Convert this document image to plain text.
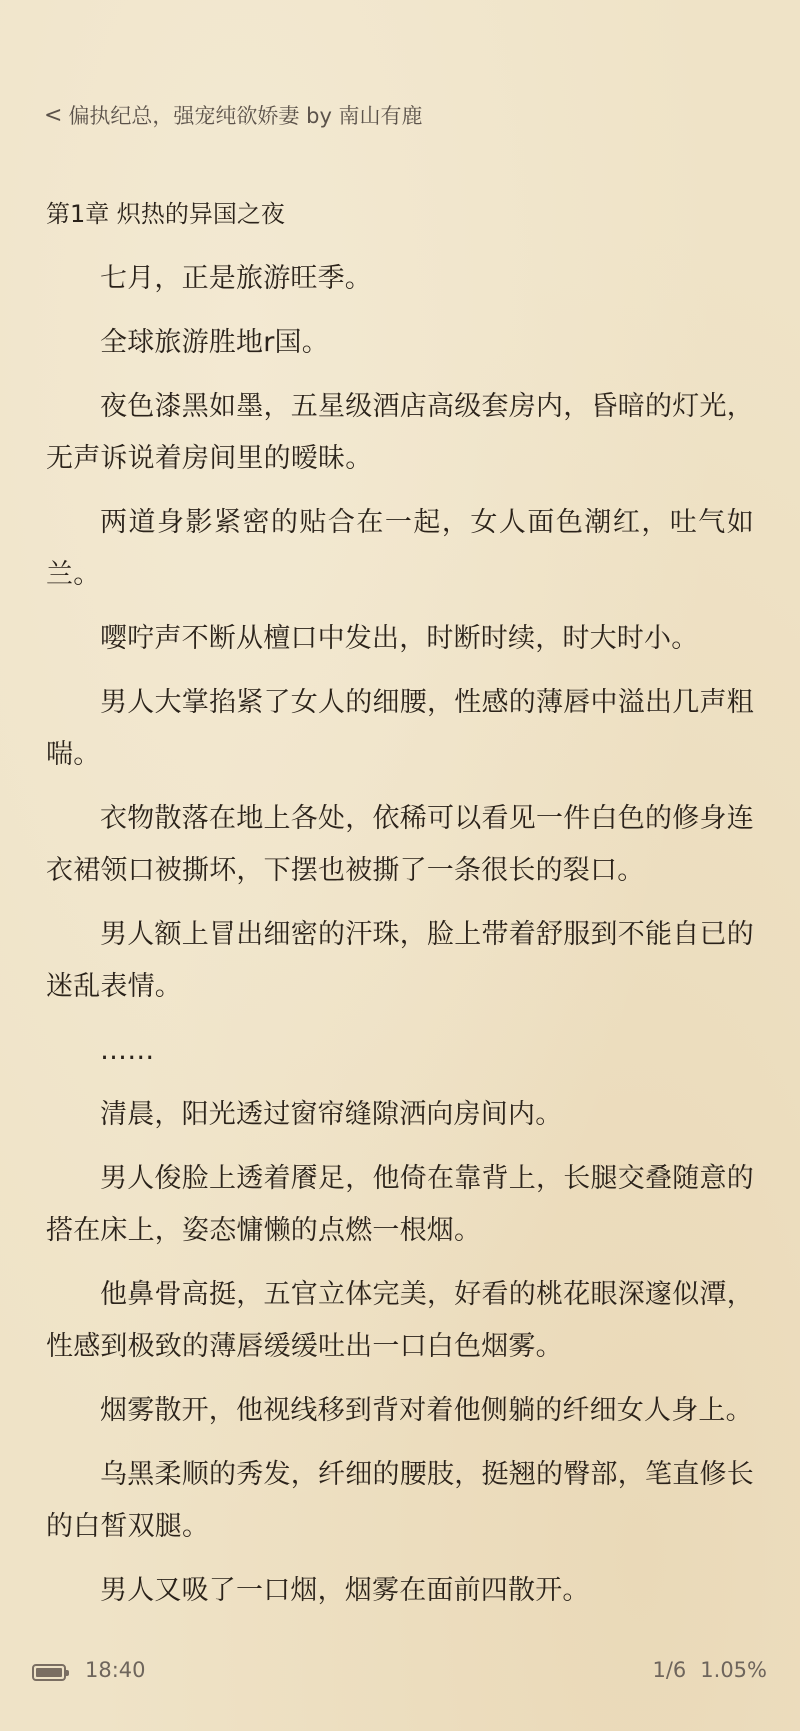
< 偏执纪总，强宠纯欲娇妻 by 南山有鹿
第1章 炽热的异国之夜

七月，正是旅游旺季。

全球旅游胜地r国。

夜色漆黑如墨，五星级酒店高级套房内，昏暗的灯光，无声诉说着房间里的暧昧。

两道身影紧密的贴合在一起，女人面色潮红，吐气如兰。

嘤咛声不断从檀口中发出，时断时续，时大时小。

男人大掌掐紧了女人的细腰，性感的薄唇中溢出几声粗喘。

衣物散落在地上各处，依稀可以看见一件白色的修身连衣裙领口被撕坏，下摆也被撕了一条很长的裂口。

男人额上冒出细密的汗珠，脸上带着舒服到不能自已的迷乱表情。

……

清晨，阳光透过窗帘缝隙洒向房间内。

男人俊脸上透着餍足，他倚在靠背上，长腿交叠随意的搭在床上，姿态慵懒的点燃一根烟。

他鼻骨高挺，五官立体完美，好看的桃花眼深邃似潭，性感到极致的薄唇缓缓吐出一口白色烟雾。

烟雾散开，他视线移到背对着他侧躺的纤细女人身上。

乌黑柔顺的秀发，纤细的腰肢，挺翘的臀部，笔直修长的白皙双腿。

男人又吸了一口烟，烟雾在面前四散开。

18:40	1/6 1.05%
